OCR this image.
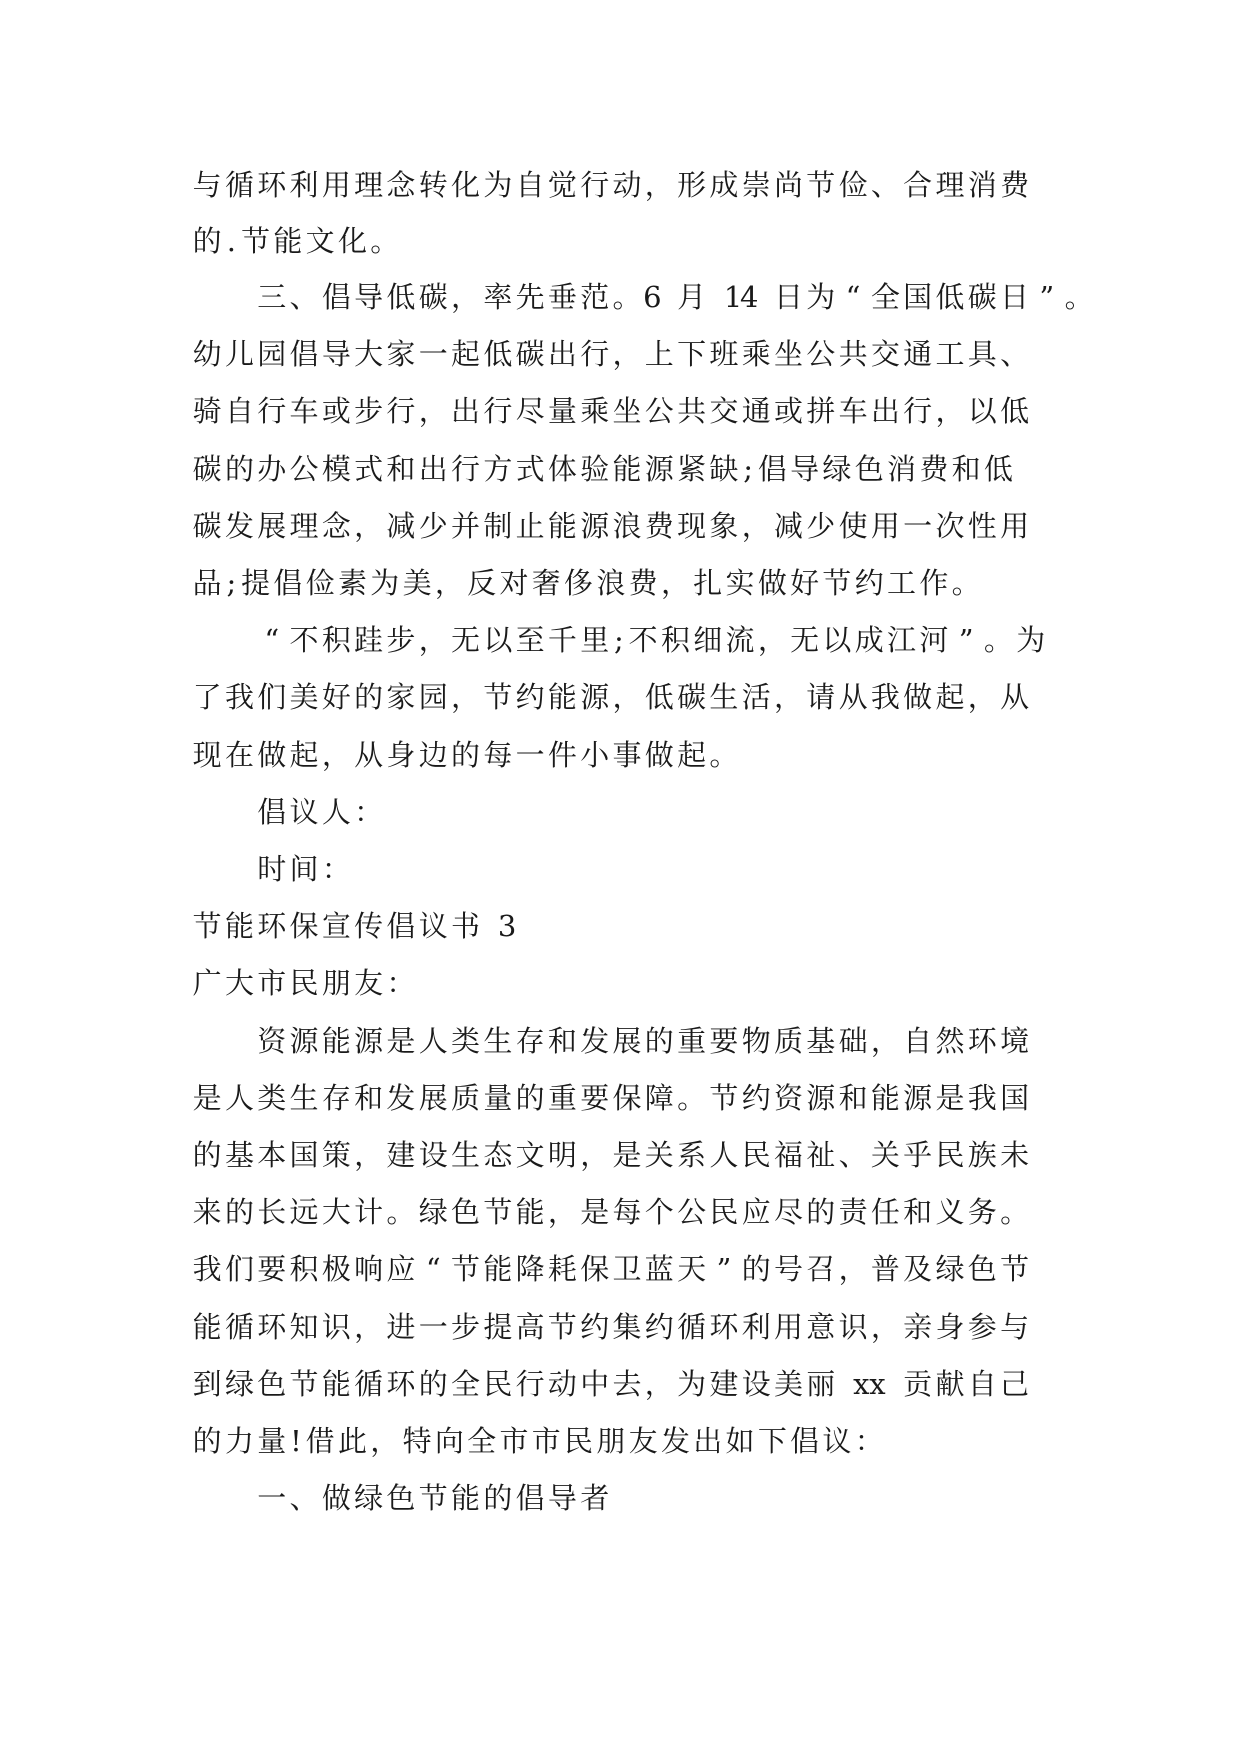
与 循 环 利 用 理 念 转 化 为 自 觉 行 动 ， 形 成 崇 尚 节 俭 、 合 理 消 费
的 . 节 能 文 化 。
三 、 倡 导 低 碳 ， 率 先 垂 范 。 6
月
1
4
日 为 “ 全 国 低 碳 日 ” 。
幼 儿 园 倡 导 大 家 一 起 低 碳 出 行 ， 上 下 班 乘 坐 公 共 交 通 工 具 、
骑 自 行 车 或 步 行 ， 出 行 尽 量 乘 坐 公 共 交 通 或 拼 车 出 行 ， 以 低
碳 的 办 公 模 式 和 出 行 方 式 体 验 能 源 紧 缺 ; 倡 导 绿 色 消 费 和 低
碳 发 展 理 念 ， 减 少 并 制 止 能 源 浪 费 现 象 ， 减 少 使 用 一 次 性 用
品 ; 提 倡 俭 素 为 美 ， 反 对 奢 侈 浪 费 ， 扎 实 做 好 节 约 工 作 。
“ 不 积 跬 步 ， 无 以 至 千 里 ; 不 积 细 流 ， 无 以 成 江 河 ” 。 为
了 我 们 美 好 的 家 园 ， 节 约 能 源 ， 低 碳 生 活 ， 请 从 我 做 起 ， 从
现 在 做 起 ， 从 身 边 的 每 一 件 小 事 做 起 。
倡 议 人 ：
时 间 ：
节 能 环 保 宣 传 倡 议 书
3
广 大 市 民 朋 友 ：
资 源 能 源 是 人 类 生 存 和 发 展 的 重 要 物 质 基 础 ， 自 然 环 境
是 人 类 生 存 和 发 展 质 量 的 重 要 保 障 。 节 约 资 源 和 能 源 是 我 国
的 基 本 国 策 ， 建 设 生 态 文 明 ， 是 关 系 人 民 福 祉 、 关 乎 民 族 未
来 的 长 远 大 计 。 绿 色 节 能 ， 是 每 个 公 民 应 尽 的 责 任 和 义 务 。
我 们 要 积 极 响 应 “ 节 能 降 耗 保 卫 蓝 天 ” 的 号 召 ， 普 及 绿 色 节
能 循 环 知 识 ， 进 一 步 提 高 节 约 集 约 循 环 利 用 意 识 ， 亲 身 参 与
到 绿 色 节 能 循 环 的 全 民 行 动 中 去 ， 为 建 设 美 丽
x x
贡 献 自 己
的 力 量 ! 借 此 ， 特 向 全 市 市 民 朋 友 发 出 如 下 倡 议 ：
一 、 做 绿 色 节 能 的 倡 导 者
